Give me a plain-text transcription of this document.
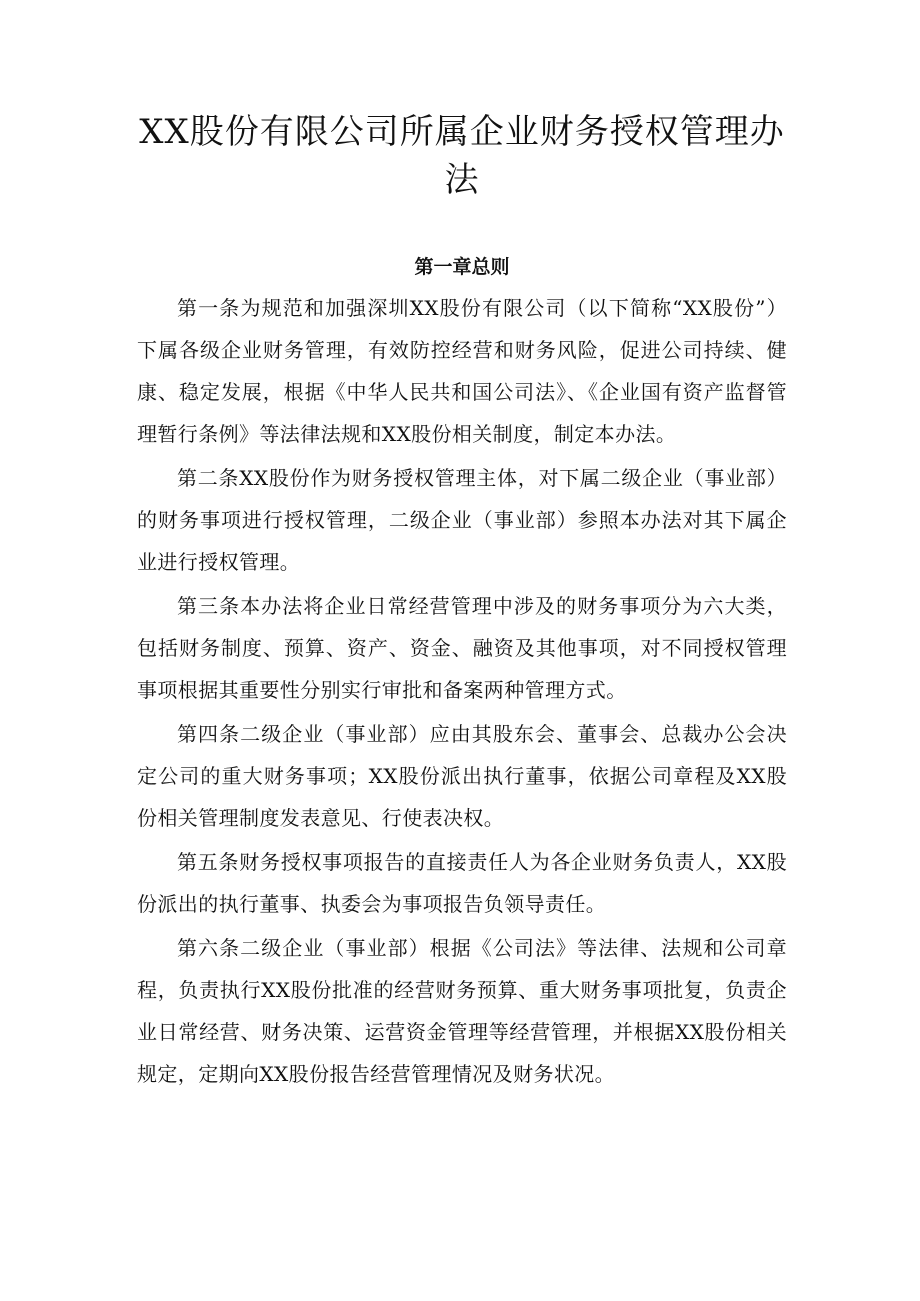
XX股份有限公司所属企业财务授权管理办法
第一章总则

第一条为规范和加强深圳XX股份有限公司（以下简称“XX股份”）下属各级企业财务管理，有效防控经营和财务风险，促进公司持续、健康、稳定发展，根据《中华人民共和国公司法》、《企业国有资产监督管理暂行条例》等法律法规和XX股份相关制度，制定本办法。

第二条XX股份作为财务授权管理主体，对下属二级企业（事业部）的财务事项进行授权管理，二级企业（事业部）参照本办法对其下属企业进行授权管理。

第三条本办法将企业日常经营管理中涉及的财务事项分为六大类，包括财务制度、预算、资产、资金、融资及其他事项，对不同授权管理事项根据其重要性分别实行审批和备案两种管理方式。

第四条二级企业（事业部）应由其股东会、董事会、总裁办公会决定公司的重大财务事项；XX股份派出执行董事，依据公司章程及XX股份相关管理制度发表意见、行使表决权。

第五条财务授权事项报告的直接责任人为各企业财务负责人，XX股份派出的执行董事、执委会为事项报告负领导责任。

第六条二级企业（事业部）根据《公司法》等法律、法规和公司章程，负责执行XX股份批准的经营财务预算、重大财务事项批复，负责企业日常经营、财务决策、运营资金管理等经营管理，并根据XX股份相关规定，定期向XX股份报告经营管理情况及财务状况。
